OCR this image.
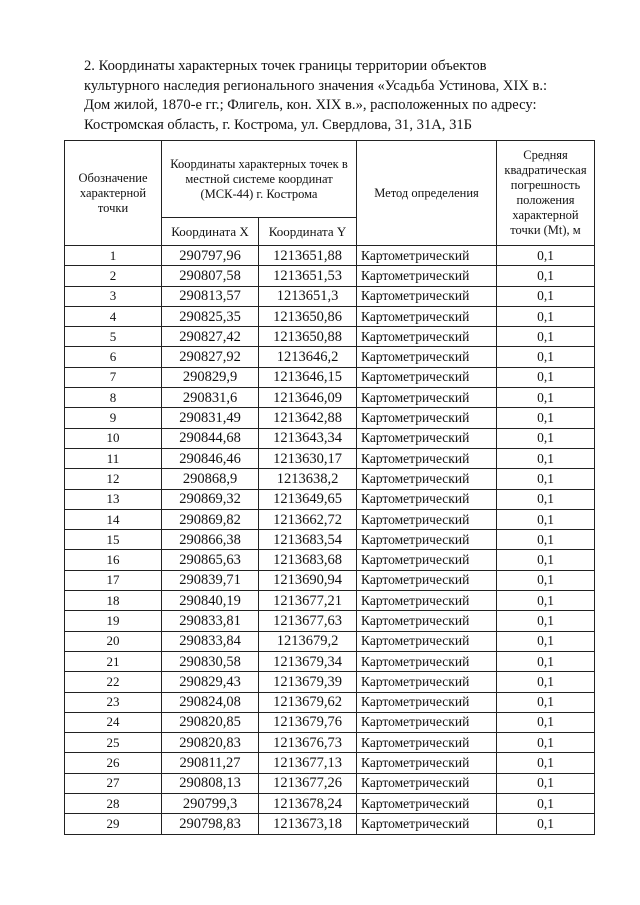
2. Координаты характерных точек границы территории объектов
культурного наследия регионального значения «Усадьба Устинова, XIX в.:
Дом жилой, 1870-е гг.; Флигель, кон. XIX в.», расположенных по адресу:
Костромская область, г. Кострома, ул. Свердлова, 31, 31А, 31Б
Обозначение характерной точки	Координаты характерных точек в местной системе координат (МСК-44) г. Кострома		Метод определения	Средняя квадратическая погрешность положения характерной точки (Mt), м
	Координата X	Координата Y		
1	290797,96	1213651,88	Картометрический	0,1
2	290807,58	1213651,53	Картометрический	0,1
3	290813,57	1213651,3	Картометрический	0,1
4	290825,35	1213650,86	Картометрический	0,1
5	290827,42	1213650,88	Картометрический	0,1
6	290827,92	1213646,2	Картометрический	0,1
7	290829,9	1213646,15	Картометрический	0,1
8	290831,6	1213646,09	Картометрический	0,1
9	290831,49	1213642,88	Картометрический	0,1
10	290844,68	1213643,34	Картометрический	0,1
11	290846,46	1213630,17	Картометрический	0,1
12	290868,9	1213638,2	Картометрический	0,1
13	290869,32	1213649,65	Картометрический	0,1
14	290869,82	1213662,72	Картометрический	0,1
15	290866,38	1213683,54	Картометрический	0,1
16	290865,63	1213683,68	Картометрический	0,1
17	290839,71	1213690,94	Картометрический	0,1
18	290840,19	1213677,21	Картометрический	0,1
19	290833,81	1213677,63	Картометрический	0,1
20	290833,84	1213679,2	Картометрический	0,1
21	290830,58	1213679,34	Картометрический	0,1
22	290829,43	1213679,39	Картометрический	0,1
23	290824,08	1213679,62	Картометрический	0,1
24	290820,85	1213679,76	Картометрический	0,1
25	290820,83	1213676,73	Картометрический	0,1
26	290811,27	1213677,13	Картометрический	0,1
27	290808,13	1213677,26	Картометрический	0,1
28	290799,3	1213678,24	Картометрический	0,1
29	290798,83	1213673,18	Картометрический	0,1
